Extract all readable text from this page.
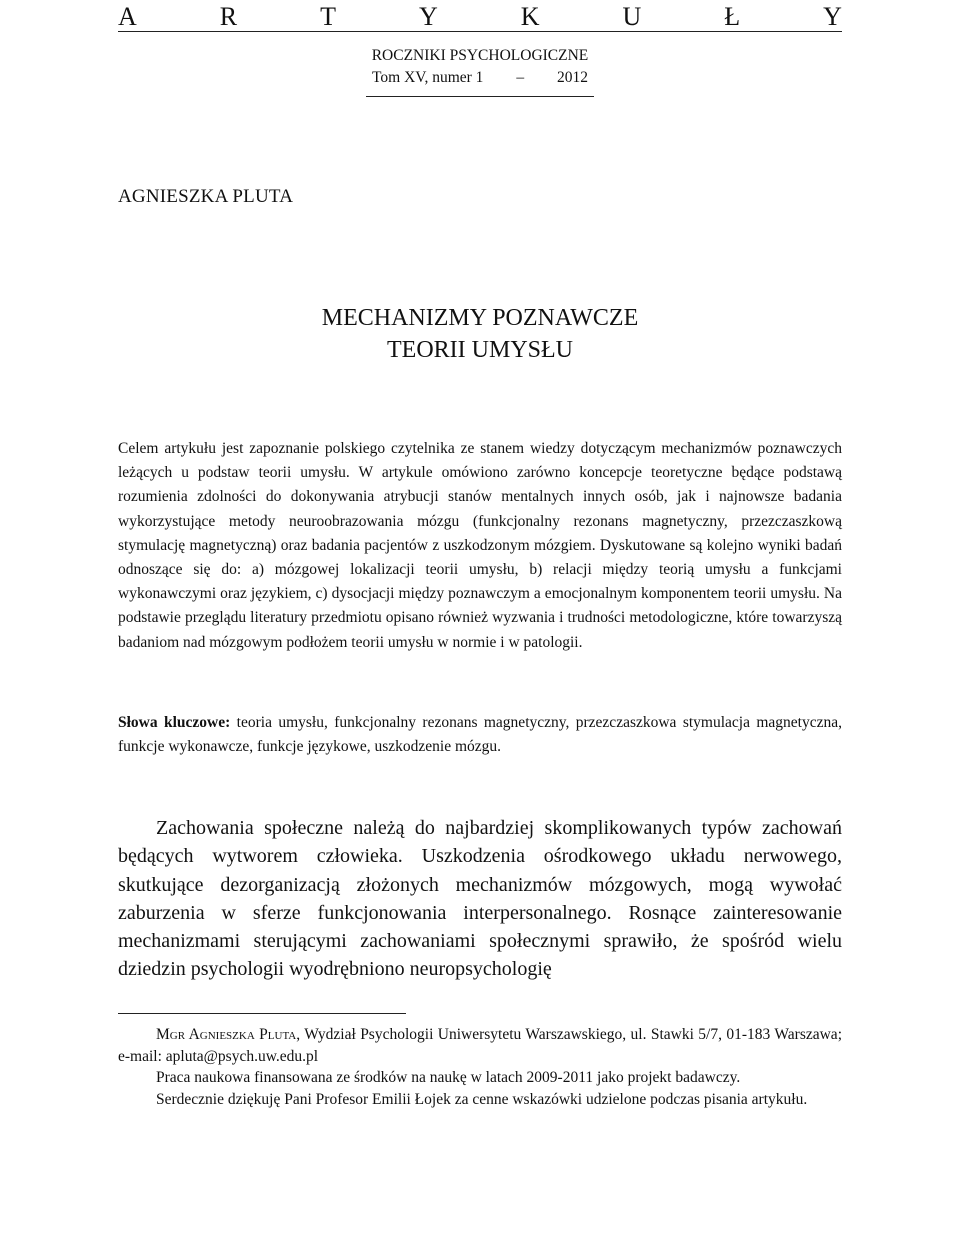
A	R	T	Y	K	U	Ł	Y
ROCZNIKI PSYCHOLOGICZNE
Tom XV, numer 1 – 2012
AGNIESZKA PLUTA
MECHANIZMY POZNAWCZE
TEORII UMYSŁU
Celem artykułu jest zapoznanie polskiego czytelnika ze stanem wiedzy dotyczącym mechanizmów poznawczych leżących u podstaw teorii umysłu. W artykule omówiono zarówno koncepcje teoretyczne będące podstawą rozumienia zdolności do dokonywania atrybucji stanów mentalnych innych osób, jak i najnowsze badania wykorzystujące metody neuroobrazowania mózgu (funkcjonalny rezonans magnetyczny, przezczaszkową stymulację magnetyczną) oraz badania pacjentów z uszkodzonym mózgiem. Dyskutowane są kolejno wyniki badań odnoszące się do: a) mózgowej lokalizacji teorii umysłu, b) relacji między teorią umysłu a funkcjami wykonawczymi oraz językiem, c) dysocjacji między poznawczym a emocjonalnym komponentem teorii umysłu. Na podstawie przeglądu literatury przedmiotu opisano również wyzwania i trudności metodologiczne, które towarzyszą badaniom nad mózgowym podłożem teorii umysłu w normie i w patologii.
Słowa kluczowe: teoria umysłu, funkcjonalny rezonans magnetyczny, przezczaszkowa stymulacja magnetyczna, funkcje wykonawcze, funkcje językowe, uszkodzenie mózgu.
Zachowania społeczne należą do najbardziej skomplikowanych typów zachowań będących wytworem człowieka. Uszkodzenia ośrodkowego układu nerwowego, skutkujące dezorganizacją złożonych mechanizmów mózgowych, mogą wywołać zaburzenia w sferze funkcjonowania interpersonalnego. Rosnące zainteresowanie mechanizmami sterującymi zachowaniami społecznymi sprawiło, że spośród wielu dziedzin psychologii wyodrębniono neuropsychologię

Mgr Agnieszka Pluta, Wydział Psychologii Uniwersytetu Warszawskiego, ul. Stawki 5/7, 01-183 Warszawa; e-mail: apluta@psych.uw.edu.pl

Praca naukowa finansowana ze środków na naukę w latach 2009-2011 jako projekt badawczy.

Serdecznie dziękuję Pani Profesor Emilii Łojek za cenne wskazówki udzielone podczas pisania artykułu.
